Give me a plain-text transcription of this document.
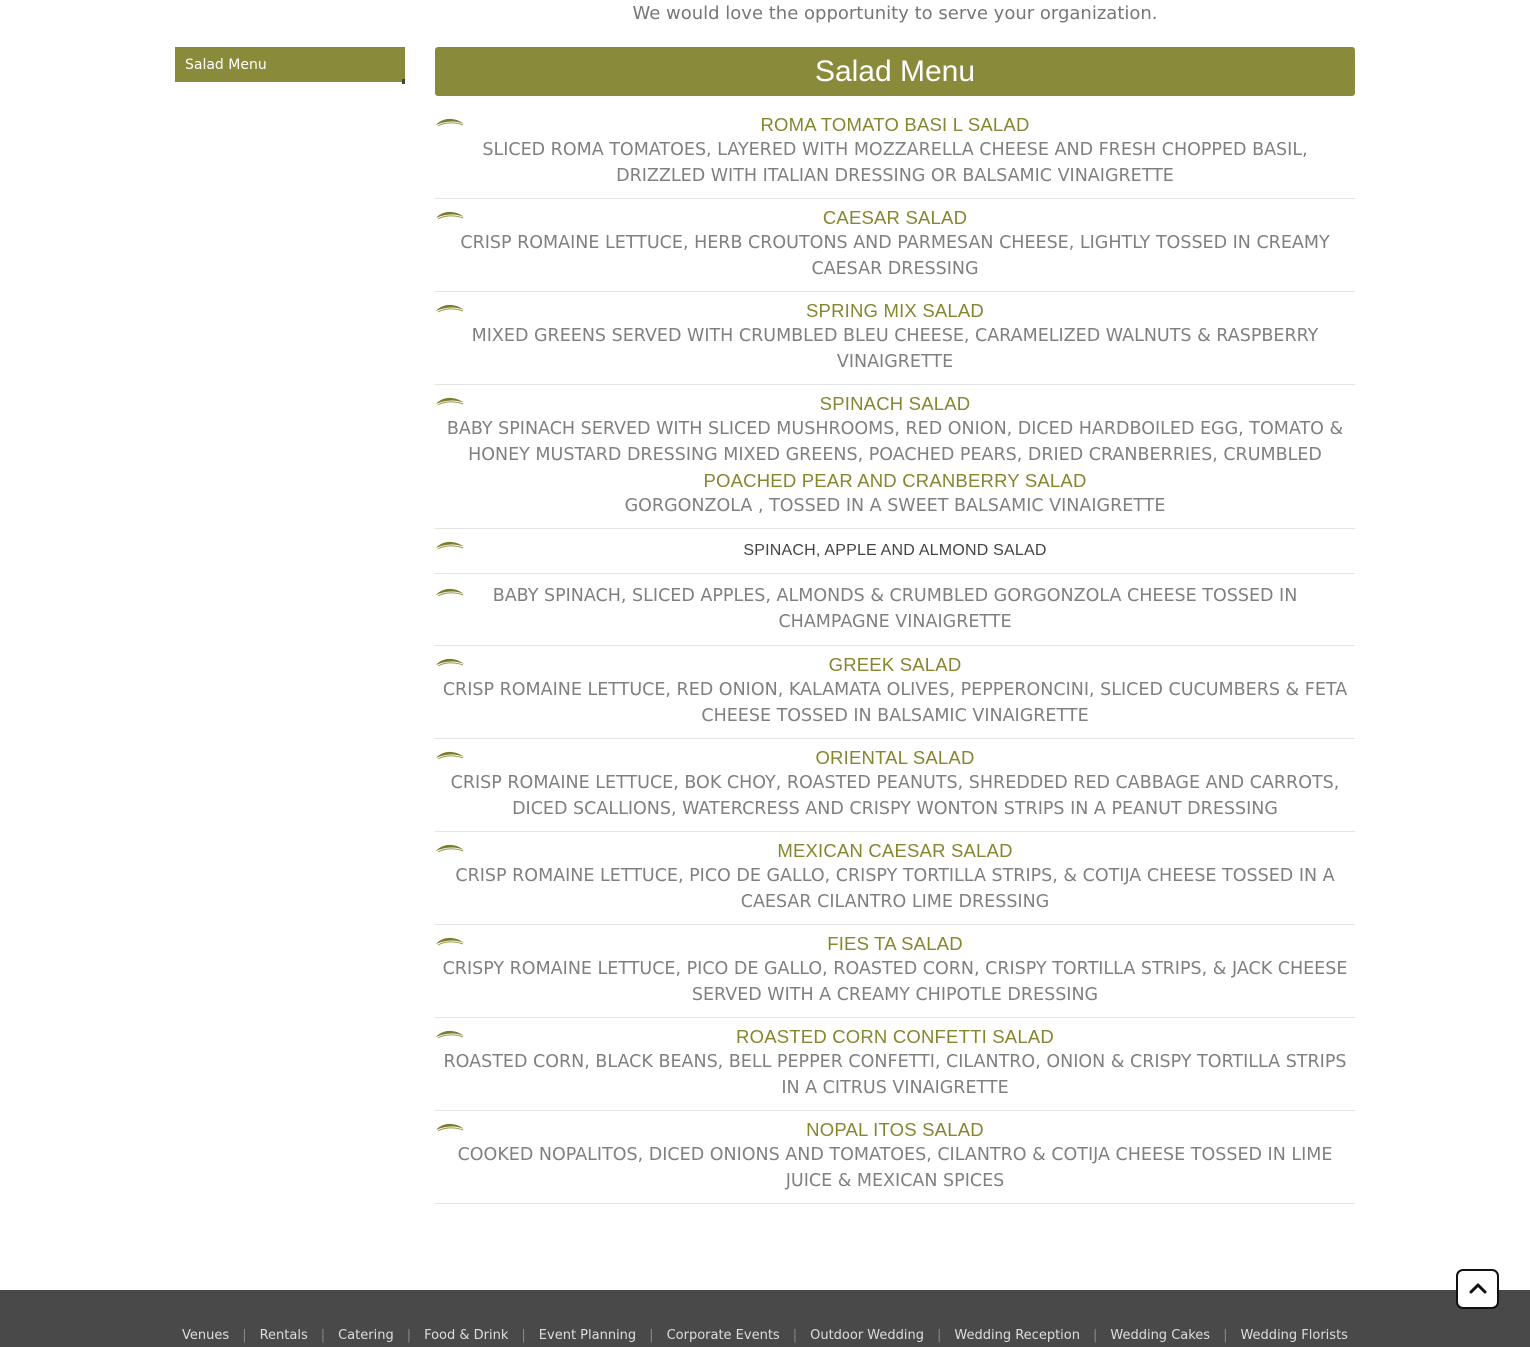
We would love the opportunity to serve your organization.
Salad Menu	Salad Menu
ROMA TOMATO BASI L SALAD
SLICED ROMA TOMATOES, LAYERED WITH MOZZARELLA CHEESE AND FRESH CHOPPED BASIL, DRIZZLED WITH ITALIAN DRESSING OR BALSAMIC VINAIGRETTE
CAESAR SALAD
CRISP ROMAINE LETTUCE, HERB CROUTONS AND PARMESAN CHEESE, LIGHTLY TOSSED IN CREAMY CAESAR DRESSING
SPRING MIX SALAD
MIXED GREENS SERVED WITH CRUMBLED BLEU CHEESE, CARAMELIZED WALNUTS & RASPBERRY VINAIGRETTE
SPINACH SALAD
BABY SPINACH SERVED WITH SLICED MUSHROOMS, RED ONION, DICED HARDBOILED EGG, TOMATO & HONEY MUSTARD DRESSING MIXED GREENS, POACHED PEARS, DRIED CRANBERRIES, CRUMBLED
POACHED PEAR AND CRANBERRY SALAD
GORGONZOLA , TOSSED IN A SWEET BALSAMIC VINAIGRETTE
SPINACH, APPLE AND ALMOND SALAD
BABY SPINACH, SLICED APPLES, ALMONDS & CRUMBLED GORGONZOLA CHEESE TOSSED IN CHAMPAGNE VINAIGRETTE
GREEK SALAD
CRISP ROMAINE LETTUCE, RED ONION, KALAMATA OLIVES, PEPPERONCINI, SLICED CUCUMBERS & FETA CHEESE TOSSED IN BALSAMIC VINAIGRETTE
ORIENTAL SALAD
CRISP ROMAINE LETTUCE, BOK CHOY, ROASTED PEANUTS, SHREDDED RED CABBAGE AND CARROTS, DICED SCALLIONS, WATERCRESS AND CRISPY WONTON STRIPS IN A PEANUT DRESSING
MEXICAN CAESAR SALAD
CRISP ROMAINE LETTUCE, PICO DE GALLO, CRISPY TORTILLA STRIPS, & COTIJA CHEESE TOSSED IN A CAESAR CILANTRO LIME DRESSING
FIES TA SALAD
CRISPY ROMAINE LETTUCE, PICO DE GALLO, ROASTED CORN, CRISPY TORTILLA STRIPS, & JACK CHEESE SERVED WITH A CREAMY CHIPOTLE DRESSING
ROASTED CORN CONFETTI SALAD
ROASTED CORN, BLACK BEANS, BELL PEPPER CONFETTI, CILANTRO, ONION & CRISPY TORTILLA STRIPS IN A CITRUS VINAIGRETTE
NOPAL ITOS SALAD
COOKED NOPALITOS, DICED ONIONS AND TOMATOES, CILANTRO & COTIJA CHEESE TOSSED IN LIME JUICE & MEXICAN SPICES
Venues | Rentals | Catering | Food & Drink | Event Planning | Corporate Events | Outdoor Wedding | Wedding Reception | Wedding Cakes | Wedding Florists
